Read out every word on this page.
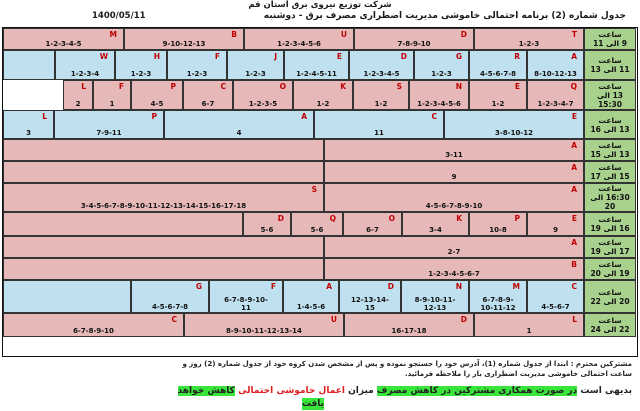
شرکت توزیع نیروی برق استان قم
جدول شماره (2) برنامه احتمالی خاموشی مدیریت اضطراری مصرف برق - دوشنبه
1400/05/11
ساعت
9 الی 11
T
1-2-3
D
7-8-9-10
U
1-2-3-4-5-6
B
9-10-12-13
M
1-2-3-4-5
ساعت
11 الی 13
A
8-10-12-13
R
4-5-6-7-8
G
1-2-3
D
1-2-3-4-5
E
1-2-4-5-11
J
1-2-3
F
1-2-3
H
1-2-3
W
1-2-3-4
ساعت
13 الی 15:30
Q
1-2-3-4-7
E
1-2
N
1-2-3-4-5-6
S
1-2
K
1-2
O
1-2-3-5
C
6-7
P
4-5
F
1
L
2
ساعت
13 الی 16
E
3-8-10-12
C
11
A
4
P
7-9-11
L
3
ساعت
13 الی 15
A
3-11
ساعت
15 الی 17
A
9
ساعت
16:30 الی 20
A
4-5-6-7-8-9-10
S
3-4-5-6-7-8-9-10-11-12-13-14-15-16-17-18
ساعت
16 الی 19
E
9
P
10-8
K
3-4
O
6-7
Q
5-6
D
5-6
ساعت
17 الی 19
A
2-7
ساعت
19 الی 20
B
1-2-3-4-5-6-7
ساعت
20 الی 22
C
4-5-6-7
M
6-7-8-9-
10-11-12
N
8-9-10-11-
12-13
D
12-13-14-
15
A
1-4-5-6
F
6-7-8-9-10-
11
G
4-5-6-7-8
ساعت
22 الی 24
L
1
D
16-17-18
U
8-9-10-11-12-13-14
C
6-7-8-9-10
مشترکین محترم : ابتدا از جدول شماره (1)، آدرس خود را جستجو نموده و پس از مشخص شدن کروه خود از جدول شماره (2) روز و
ساعت احتمالی خاموشی مدیریت اضطراری بار را ملاحظه فرمائید.
بدیهی است در صورت همکاری مشترکین در کاهش مصرف میزان اعمال خاموشی احتمالی کاهش خواهد
یافت
